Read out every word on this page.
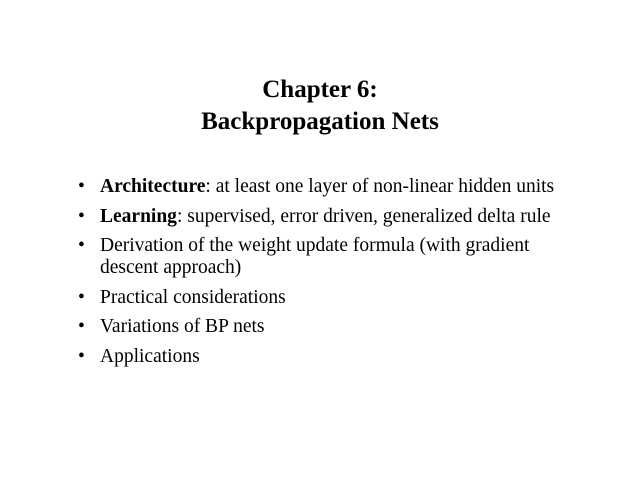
Chapter 6:
Backpropagation Nets
•
Architecture: at least one layer of non-linear hidden units
•
Learning: supervised, error driven, generalized delta rule
•
Derivation of the weight update formula (with gradient descent approach)
•
Practical considerations
•
Variations of BP nets
•
Applications
